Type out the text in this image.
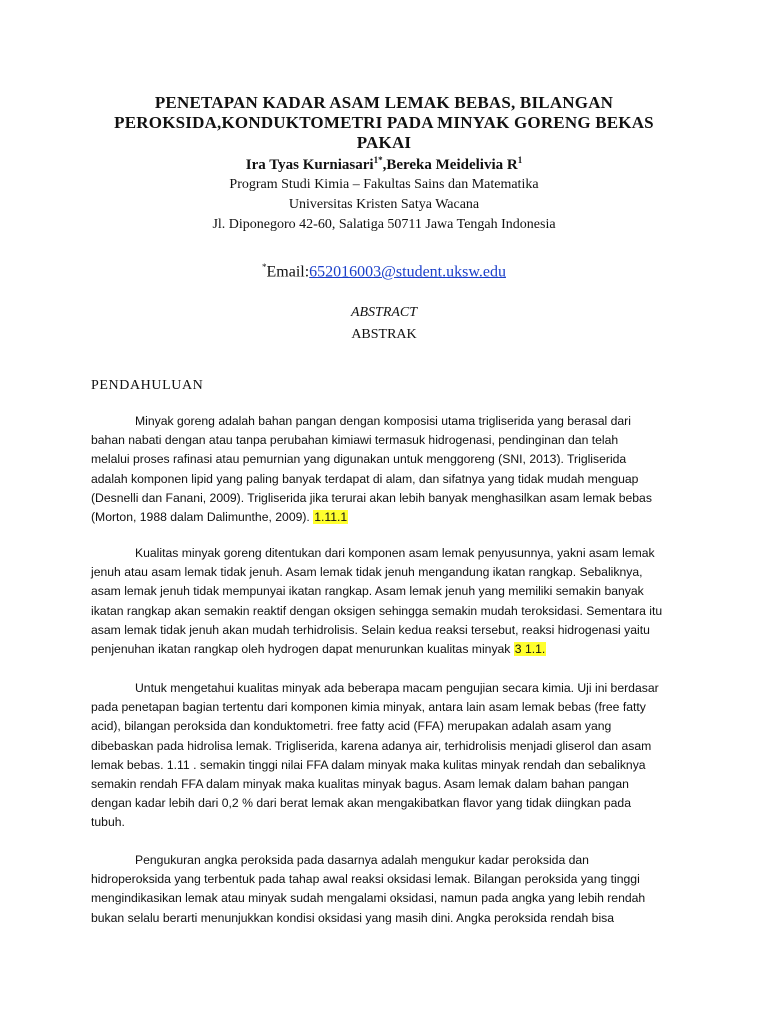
PENETAPAN KADAR ASAM LEMAK BEBAS, BILANGAN
PEROKSIDA,KONDUKTOMETRI PADA MINYAK GORENG BEKAS
PAKAI
Ira Tyas Kurniasari$^{1*}$,Bereka Meidelivia $R^1$
Program Studi Kimia – Fakultas Sains dan Matematika
Universitas Kristen Satya Wacana
Jl. Diponegoro 42-60, Salatiga 50711 Jawa Tengah Indonesia
*Email:652016003@student.uksw.edu
ABSTRACT
ABSTRAK
PENDAHULUAN
Minyak goreng adalah bahan pangan dengan komposisi utama trigliserida yang berasal dari
bahan nabati dengan atau tanpa perubahan kimiawi termasuk hidrogenasi, pendinginan dan telah
melalui proses rafinasi atau pemurnian yang digunakan untuk menggoreng (SNI, 2013). Trigliserida
adalah komponen lipid yang paling banyak terdapat di alam, dan sifatnya yang tidak mudah menguap
(Desnelli dan Fanani, 2009). Trigliserida jika terurai akan lebih banyak menghasilkan asam lemak bebas
(Morton, 1988 dalam Dalimunthe, 2009). 1.11.1
Kualitas minyak goreng ditentukan dari komponen asam lemak penyusunnya, yakni asam lemak
jenuh atau asam lemak tidak jenuh. Asam lemak tidak jenuh mengandung ikatan rangkap. Sebaliknya,
asam lemak jenuh tidak mempunyai ikatan rangkap. Asam lemak jenuh yang memiliki semakin banyak
ikatan rangkap akan semakin reaktif dengan oksigen sehingga semakin mudah teroksidasi. Sementara itu
asam lemak tidak jenuh akan mudah terhidrolisis. Selain kedua reaksi tersebut, reaksi hidrogenasi yaitu
penjenuhan ikatan rangkap oleh hydrogen dapat menurunkan kualitas minyak 3 1.1.
Untuk mengetahui kualitas minyak ada beberapa macam pengujian secara kimia. Uji ini berdasar
pada penetapan bagian tertentu dari komponen kimia minyak, antara lain asam lemak bebas (free fatty
acid), bilangan peroksida dan konduktometri. free fatty acid (FFA) merupakan adalah asam yang
dibebaskan pada hidrolisa lemak. Trigliserida, karena adanya air, terhidrolisis menjadi gliserol dan asam
lemak bebas. 1.11 . semakin tinggi nilai FFA dalam minyak maka kulitas minyak rendah dan sebaliknya
semakin rendah FFA dalam minyak maka kualitas minyak bagus. Asam lemak dalam bahan pangan
dengan kadar lebih dari 0,2 % dari berat lemak akan mengakibatkan flavor yang tidak diingkan pada
tubuh.
Pengukuran angka peroksida pada dasarnya adalah mengukur kadar peroksida dan
hidroperoksida yang terbentuk pada tahap awal reaksi oksidasi lemak. Bilangan peroksida yang tinggi
mengindikasikan lemak atau minyak sudah mengalami oksidasi, namun pada angka yang lebih rendah
bukan selalu berarti menunjukkan kondisi oksidasi yang masih dini. Angka peroksida rendah bisa
